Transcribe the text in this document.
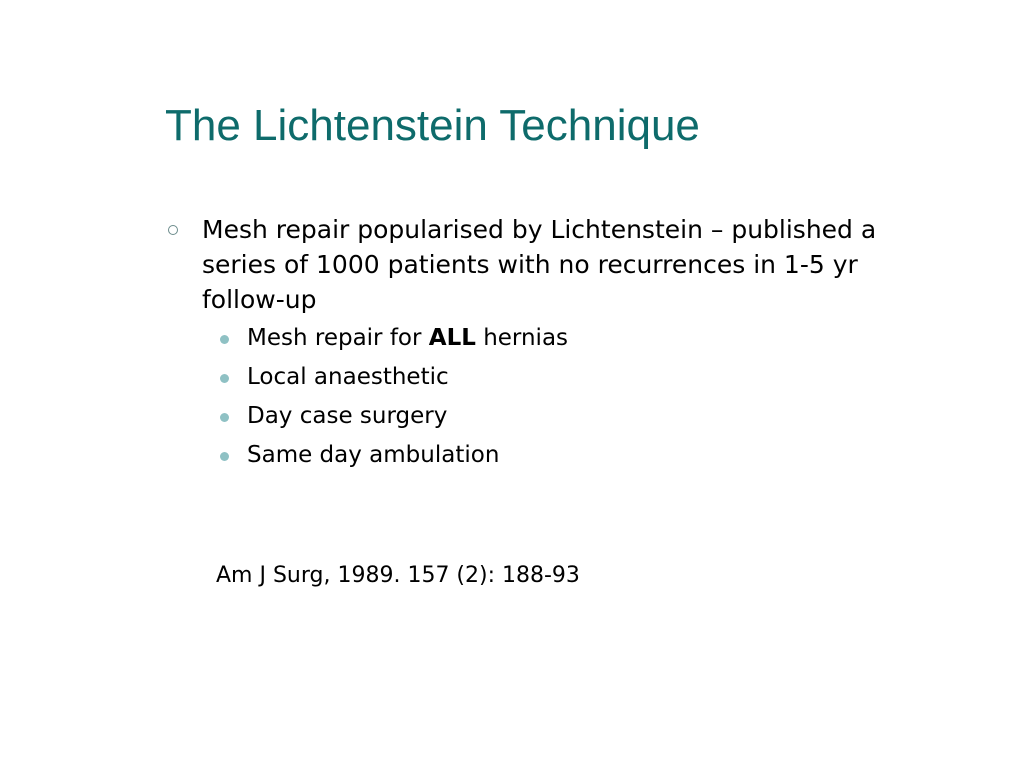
The Lichtenstein Technique
Mesh repair popularised by Lichtenstein – published a series of 1000 patients with no recurrences in 1-5 yr follow-up
Mesh repair for ALL hernias
Local anaesthetic
Day case surgery
Same day ambulation

Am J Surg, 1989. 157 (2): 188-93
